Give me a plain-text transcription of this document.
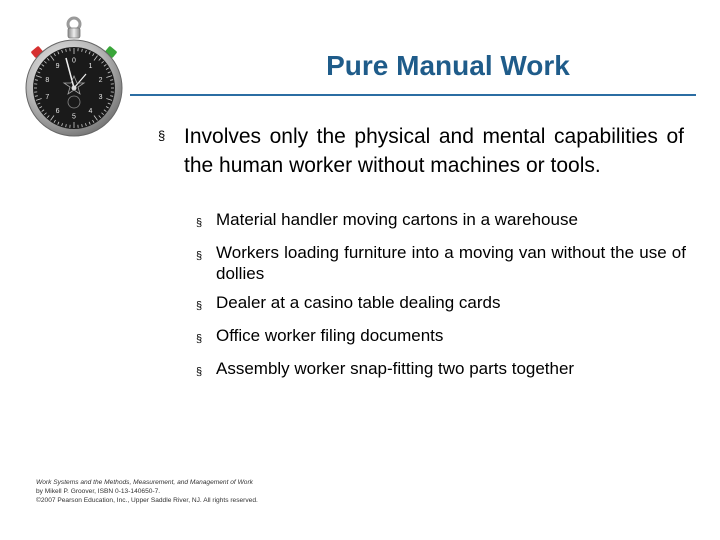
0
1
2
3
4
5
6
7
8
9	Pure Manual Work
§ Involves only the physical and mental capabilities of the human worker without machines or tools.
§ Material handler moving cartons in a warehouse
§ Workers loading furniture into a moving van without the use of dollies
§ Dealer at a casino table dealing cards
§ Office worker filing documents
§ Assembly worker snap-fitting two parts together
Work Systems and the Methods, Measurement, and Management of Work
by Mikell P. Groover, ISBN 0-13-140650-7.
©2007 Pearson Education, Inc., Upper Saddle River, NJ. All rights reserved.
